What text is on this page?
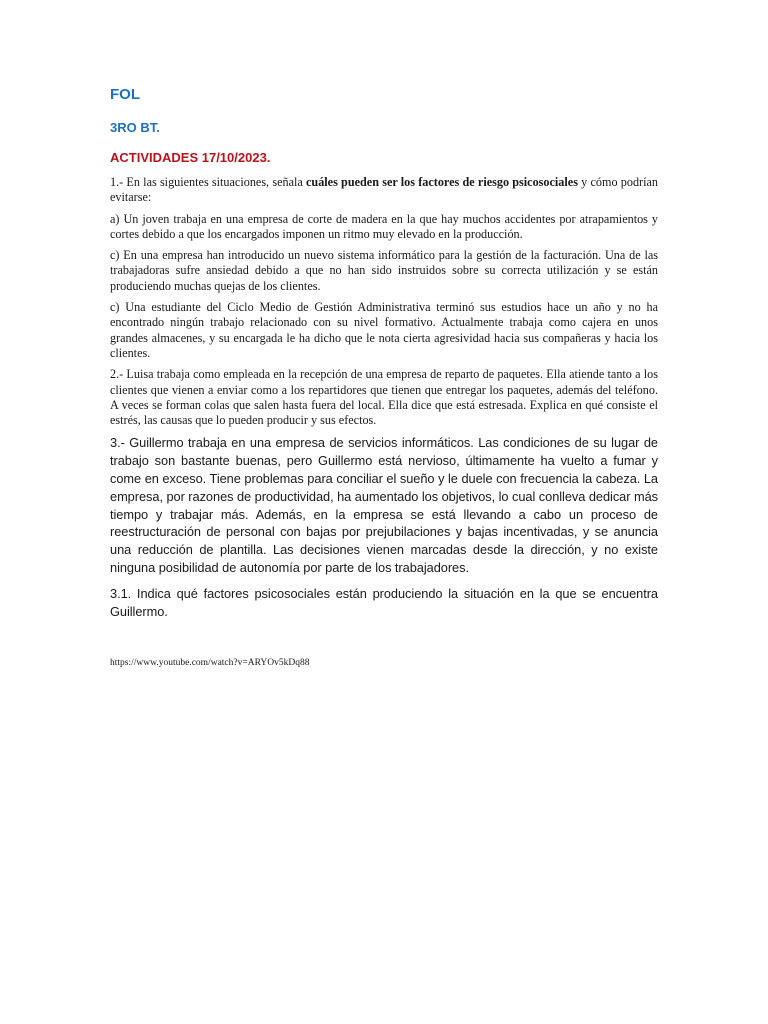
FOL
3RO BT.
ACTIVIDADES 17/10/2023.

1.- En las siguientes situaciones, señala cuáles pueden ser los factores de riesgo psicosociales y cómo podrían evitarse:

a) Un joven trabaja en una empresa de corte de madera en la que hay muchos accidentes por atrapamientos y cortes debido a que los encargados imponen un ritmo muy elevado en la producción.

c) En una empresa han introducido un nuevo sistema informático para la gestión de la facturación. Una de las trabajadoras sufre ansiedad debido a que no han sido instruidos sobre su correcta utilización y se están produciendo muchas quejas de los clientes.

c) Una estudiante del Ciclo Medio de Gestión Administrativa terminó sus estudios hace un año y no ha encontrado ningún trabajo relacionado con su nivel formativo. Actualmente trabaja como cajera en unos grandes almacenes, y su encargada le ha dicho que le nota cierta agresividad hacia sus compañeras y hacia los clientes.

2.- Luisa trabaja como empleada en la recepción de una empresa de reparto de paquetes. Ella atiende tanto a los clientes que vienen a enviar como a los repartidores que tienen que entregar los paquetes, además del teléfono. A veces se forman colas que salen hasta fuera del local. Ella dice que está estresada. Explica en qué consiste el estrés, las causas que lo pueden producir y sus efectos.

3.- Guillermo trabaja en una empresa de servicios informáticos. Las condiciones de su lugar de trabajo son bastante buenas, pero Guillermo está nervioso, últimamente ha vuelto a fumar y come en exceso. Tiene problemas para conciliar el sueño y le duele con frecuencia la cabeza. La empresa, por razones de productividad, ha aumentado los objetivos, lo cual conlleva dedicar más tiempo y trabajar más. Además, en la empresa se está llevando a cabo un proceso de reestructuración de personal con bajas por prejubilaciones y bajas incentivadas, y se anuncia una reducción de plantilla. Las decisiones vienen marcadas desde la dirección, y no existe ninguna posibilidad de autonomía por parte de los trabajadores.

3.1. Indica qué factores psicosociales están produciendo la situación en la que se encuentra Guillermo.

https://www.youtube.com/watch?v=ARYOv5kDq88
